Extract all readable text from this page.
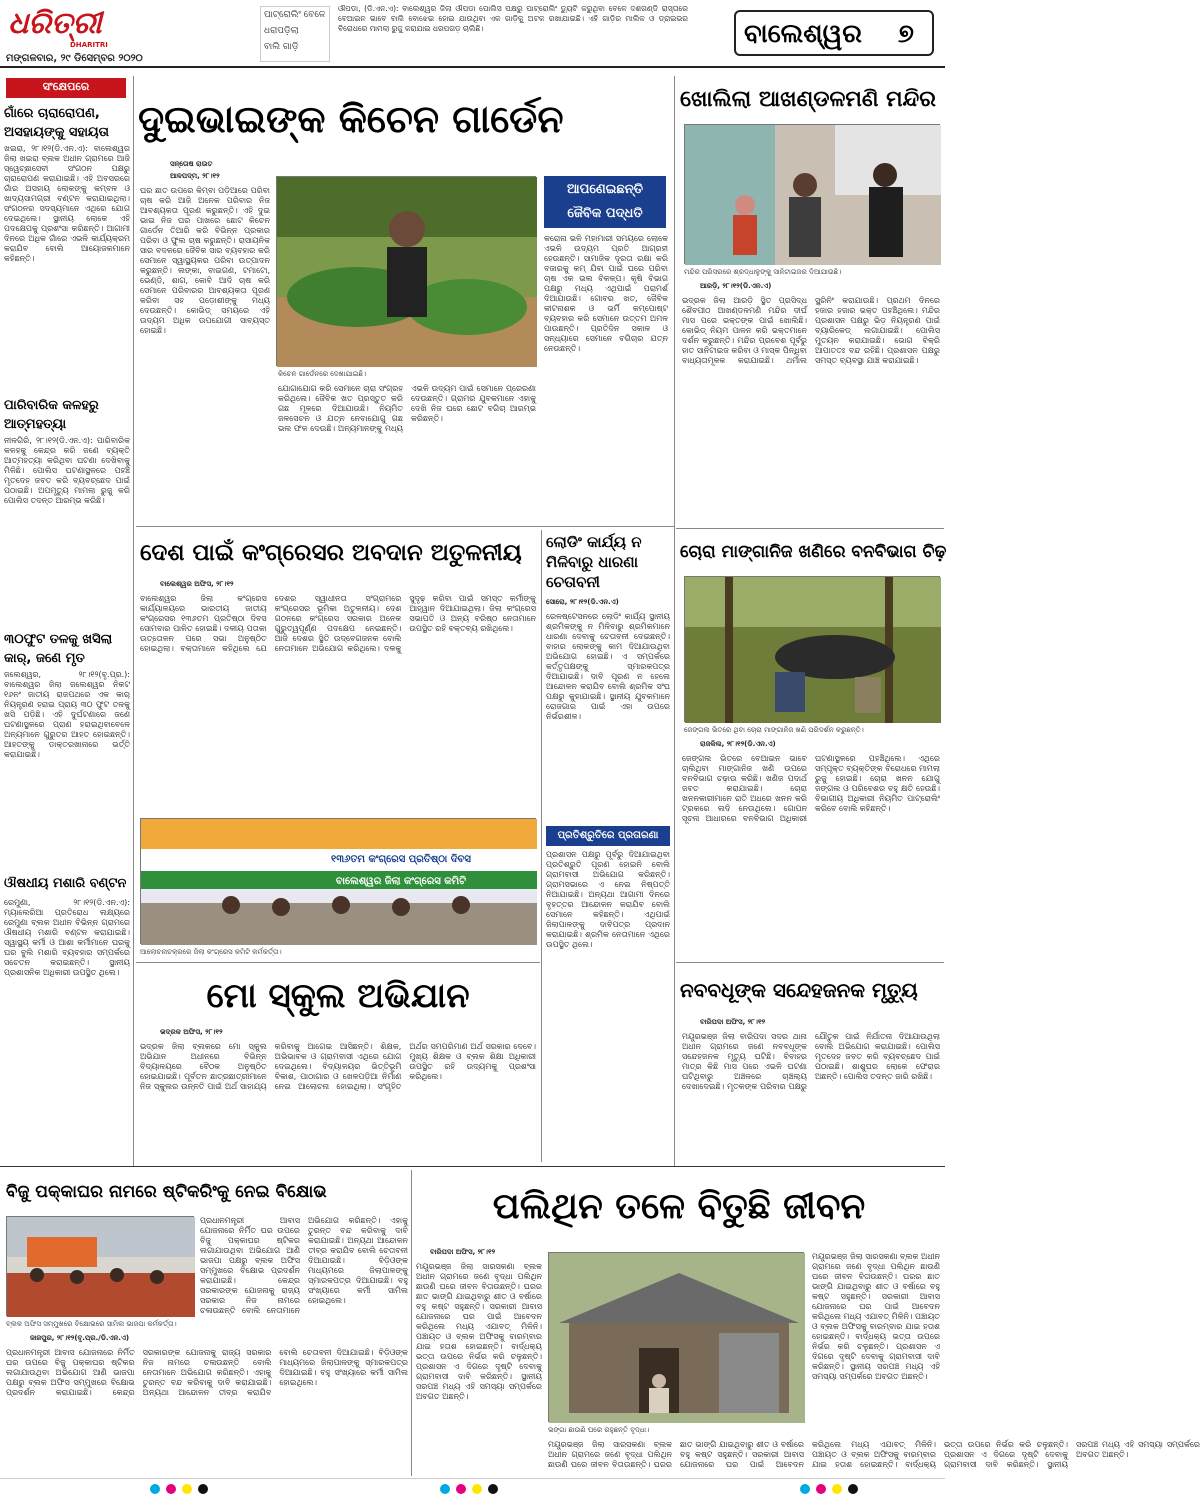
ଧରିତ୍ରୀ
DHARITRI
ମଙ୍ଗଳବାର, ୨୯ ଡିସେମ୍ବର ୨୦୨୦
ପାଟ୍ରୋଲିଂ ବେଳେ
ଧରାପଡ଼ିଲା
ବାଲି ଗାଡ଼ି
ଔପଡା, (ଡି.ଏନ.ଏ): ବାଲେଶ୍ୱର ଜିଲା ଔପଡା ପୋଲିସ ପକ୍ଷରୁ ପାଟ୍ରୋଲିଂ ଡ୍ୟୁଟି କରୁଥିବା ବେଳେ ଦଶଗଣ୍ଡି ରାସ୍ତାରେ ବେଆଇନ ଭାବେ ବାଲି ବୋଝେଇ ହୋଇ ଯାଉଥିବା ଏକ ଗାଡ଼ିକୁ ଅଟକ ରଖାଯାଇଛି। ଏହି ଗାଡ଼ିର ମାଲିକ ଓ ଡ୍ରାଇଭର ବିରୋଧରେ ମାମଲା ରୁଜୁ କରାଯାଇ ଧରପଗଡ଼ ଚାଲିଛି।	ବାଲେଶ୍ୱର	୭
ସଂକ୍ଷେପରେ
ଗାଁରେ ଚାରାରୋପଣ, ଅସହାୟଙ୍କୁ ସହାୟତା
ଖଇରା, ୨୮।୧୨(ଡି.ଏନ.ଏ): ବାଲେଶ୍ୱର ଜିଲା ଖଇରା ବ୍ଲକ ଅଧୀନ ଗ୍ରାମରେ ଆଜି ସ୍ୱେଚ୍ଛାସେବୀ ସଂଗଠନ ପକ୍ଷରୁ ଚାରାରୋପଣ କରାଯାଇଛି। ଏହି ଅବସରରେ ଗାଁର ଅସହାୟ ଲୋକଙ୍କୁ କମ୍ବଳ ଓ ଖାଦ୍ୟସାମଗ୍ରୀ ବଣ୍ଟନ କରାଯାଇଥିଲା। ସଂଗଠନର ସଦସ୍ୟମାନେ ଏଥିରେ ଯୋଗ ଦେଇଥିଲେ। ସ୍ଥାନୀୟ ଲୋକେ ଏହି ପଦକ୍ଷେପକୁ ପ୍ରଶଂସା କରିଛନ୍ତି। ଆଗାମୀ ଦିନରେ ଅଧିକ ଗାଁରେ ଏଭଳି କାର୍ଯ୍ୟକ୍ରମ କରାଯିବ ବୋଲି ଆୟୋଜକମାନେ କହିଛନ୍ତି।
ପାରିବାରିକ କଳହରୁ ଆତ୍ମହତ୍ୟା
ନୀଳଗିରି, ୨୮।୧୨(ଡି.ଏନ.ଏ): ପାରିବାରିକ କଳହକୁ କେନ୍ଦ୍ର କରି ଜଣେ ବ୍ୟକ୍ତି ଆତ୍ମହତ୍ୟା କରିଥିବା ଘଟଣା ଦେଖିବାକୁ ମିଳିଛି। ପୋଲିସ ଘଟଣାସ୍ଥଳରେ ପହଞ୍ଚି ମୃତଦେହ ଜବତ କରି ବ୍ୟବଚ୍ଛେଦ ପାଇଁ ପଠାଇଛି। ଅପମୃତ୍ୟୁ ମାମଲା ରୁଜୁ କରି ପୋଲିସ ତଦନ୍ତ ଆରମ୍ଭ କରିଛି।
୩୦ଫୁଟ ତଳକୁ ଖସିଲା କାର୍, ଜଣେ ମୃତ
ଜଲେଶ୍ୱର, ୨୮।୧୨(ବୃ.ପ୍ର.): ବାଲେଶ୍ୱର ଜିଲା ଜଲେଶ୍ୱର ନିକଟ ୧୬ନଂ ଜାତୀୟ ରାଜପଥରେ ଏକ କାର୍ ନିୟନ୍ତ୍ରଣ ହରାଇ ପ୍ରାୟ ୩୦ ଫୁଟ ତଳକୁ ଖସି ପଡ଼ିଛି। ଏହି ଦୁର୍ଘଟଣାରେ ଜଣେ ଘଟଣାସ୍ଥଳରେ ପ୍ରାଣ ହରାଇଥିବାବେଳେ ଅନ୍ୟମାନେ ଗୁରୁତର ଆହତ ହୋଇଛନ୍ତି। ଆହତଙ୍କୁ ଡାକ୍ତରଖାନାରେ ଭର୍ତ୍ତି କରାଯାଇଛି।
ଔଷଧୀୟ ମଶାରି ବଣ୍ଟନ
ରେମୁଣା, ୨୮।୧୨(ଡି.ଏନ.ଏ): ମ୍ୟାଲେରିଆ ପ୍ରତିରୋଧ ଲକ୍ଷ୍ୟରେ ରେମୁଣା ବ୍ଲକ ଅଧୀନ ବିଭିନ୍ନ ଗ୍ରାମରେ ଔଷଧୀୟ ମଶାରି ବଣ୍ଟନ କରାଯାଇଛି। ସ୍ୱାସ୍ଥ୍ୟ କର୍ମୀ ଓ ଆଶା କର୍ମୀମାନେ ଘରକୁ ଘର ବୁଲି ମଶାରି ବ୍ୟବହାର ସମ୍ପର୍କରେ ସଚେତନ କରାଇଛନ୍ତି। ସ୍ଥାନୀୟ ପ୍ରଶାସନିକ ଅଧିକାରୀ ଉପସ୍ଥିତ ଥିଲେ।
ଦୁଇଭାଇଙ୍କ କିଚେନ ଗାର୍ଡେନ
ସନ୍ତୋଷ ରାଉତ
ଆଳପଦ୍ମ, ୨୮।୧୨
ଘର ଛାତ ଉପରେ କିମ୍ବା ପଡ଼ିଆରେ ପରିବା ଚାଷ କରି ଆଜି ଅନେକ ପରିବାର ନିଜ ଆବଶ୍ୟକତା ପୂରଣ କରୁଛନ୍ତି। ଏହି ଦୁଇ ଭାଇ ନିଜ ଘର ପାଖରେ ଛୋଟ କିଚେନ ଗାର୍ଡେନ ତିଆରି କରି ବିଭିନ୍ନ ପ୍ରକାର ପରିବା ଓ ଫୁଲ ଚାଷ କରୁଛନ୍ତି। ରାସାୟନିକ ସାର ବଦଳରେ ଜୈବିକ ସାର ବ୍ୟବହାର କରି ସେମାନେ ସ୍ୱାସ୍ଥ୍ୟକର ପରିବା ଉତ୍ପାଦନ କରୁଛନ୍ତି। ଲଙ୍କା, ବାଇଗଣ, ଟମାଟୋ, ଭେଣ୍ଡି, ଶାଗ, କୋବି ଆଦି ଚାଷ କରି ସେମାନେ ପରିବାରର ଆବଶ୍ୟକତା ପୂରଣ କରିବା ସହ ପଡ଼ୋଶୀଙ୍କୁ ମଧ୍ୟ ଦେଉଛନ୍ତି। କୋଭିଡ୍ ସମୟରେ ଏହି ଉଦ୍ୟମ ଅଧିକ ଉପଯୋଗୀ ସାବ୍ୟସ୍ତ ହୋଇଛି।
କିଚେନ ଗାର୍ଡେନରେ ଦେଖାଯାଇଛି।
ଯୋଗାଯୋଗ କରି ସେମାନେ ଚାରା ସଂଗ୍ରହ କରିଥିଲେ। ଜୈବିକ ଖତ ପ୍ରସ୍ତୁତ କରି ଗଛ ମୂଳରେ ଦିଆଯାଉଛି। ନିୟମିତ ଜଳସେଚନ ଓ ଯତ୍ନ ନେବାଯୋଗୁ ଗଛ ଭଲ ଫଳ ଦେଉଛି। ଅନ୍ୟମାନଙ୍କୁ ମଧ୍ୟ ଏଭଳି ଉଦ୍ୟମ ପାଇଁ ସେମାନେ ପ୍ରେରଣା ଦେଉଛନ୍ତି। ଗ୍ରାମର ଯୁବକମାନେ ଏହାକୁ ଦେଖି ନିଜ ଘରେ ଛୋଟ ବଗିଚା ଆରମ୍ଭ କରିଛନ୍ତି।
ଆପଣେଇଛନ୍ତି ଜୈବିକ ପଦ୍ଧତି
କରୋନା ଭଳି ମହାମାରୀ ସମୟରେ ଲୋକେ ଏଭଳି ଉଦ୍ୟମ ପ୍ରତି ଆଗ୍ରହୀ ହେଉଛନ୍ତି। ସାମାଜିକ ଦୂରତା ରକ୍ଷା କରି ବଜାରକୁ କମ୍ ଯିବା ପାଇଁ ଘରେ ପରିବା ଚାଷ ଏକ ଭଲ ବିକଳ୍ପ। କୃଷି ବିଭାଗ ପକ୍ଷରୁ ମଧ୍ୟ ଏଥିପାଇଁ ପରାମର୍ଶ ଦିଆଯାଉଛି। ଗୋବର ଖତ, ଜୈବିକ କୀଟନାଶକ ଓ ଭର୍ମି କମ୍ପୋଷ୍ଟ ବ୍ୟବହାର କରି ସେମାନେ ଉତ୍ତମ ଅମଳ ପାଉଛନ୍ତି। ପ୍ରତିଦିନ ସକାଳ ଓ ସନ୍ଧ୍ୟାରେ ସେମାନେ ବଗିଚାର ଯତ୍ନ ନେଉଛନ୍ତି।
ଖୋଲିଲା ଆଖଣ୍ଡଳମଣି ମନ୍ଦିର
ମନ୍ଦିର ପରିସରରେ ଶ୍ରଦ୍ଧାଳୁଙ୍କୁ ସାନିଟାଇଜର ଦିଆଯାଉଛି।
ଆରଡ଼ି, ୨୮।୧୨(ଡି.ଏନ.ଏ)
ଭଦ୍ରକ ଜିଲା ଆରଡ଼ି ସ୍ଥିତ ପ୍ରସିଦ୍ଧ ଶୈବପୀଠ ଆଖଣ୍ଡଳମଣି ମନ୍ଦିର ଦୀର୍ଘ ମାସ ପରେ ଭକ୍ତଙ୍କ ପାଇଁ ଖୋଲିଛି। କୋଭିଡ୍ ନିୟମ ପାଳନ କରି ଭକ୍ତମାନେ ଦର୍ଶନ କରୁଛନ୍ତି। ମନ୍ଦିର ପ୍ରବେଶ ପୂର୍ବରୁ ହାତ ସାନିଟାଇଜ କରିବା ଓ ମାସ୍କ ପିନ୍ଧିବା ବାଧ୍ୟତାମୂଳକ କରାଯାଇଛି। ଥର୍ମାଲ ସ୍କ୍ରିନିଂ କରାଯାଉଛି। ପ୍ରଥମ ଦିନରେ ହଜାର ହଜାର ଭକ୍ତ ପହଞ୍ଚିଥିଲେ। ମନ୍ଦିର ପ୍ରଶାସନ ପକ୍ଷରୁ ଭିଡ଼ ନିୟନ୍ତ୍ରଣ ପାଇଁ ବ୍ୟାରିକେଡ୍ ଲଗାଯାଇଛି। ପୋଲିସ ମୁତୟନ କରାଯାଇଛି। ଭୋଗ ବିକ୍ରି ଆପାତତଃ ବନ୍ଦ ରହିଛି। ପ୍ରଶାସନ ପକ୍ଷରୁ ସମସ୍ତ ବ୍ୟବସ୍ଥା ଯାଞ୍ଚ କରାଯାଇଛି।
ଦେଶ ପାଇଁ କଂଗ୍ରେସର ଅବଦାନ ଅତୁଳନୀୟ
ବାଲେଶ୍ୱର ଅଫିସ, ୨୮।୧୨
ବାଲେଶ୍ୱର ଜିଲା କଂଗ୍ରେସ କାର୍ଯ୍ୟାଳୟରେ ଭାରତୀୟ ଜାତୀୟ କଂଗ୍ରେସର ୧୩୬ତମ ପ୍ରତିଷ୍ଠା ଦିବସ ସୋମବାର ପାଳିତ ହୋଇଛି। ଦଳୀୟ ପତାକା ଉତ୍ତୋଳନ ପରେ ସଭା ଅନୁଷ୍ଠିତ ହୋଇଥିଲା। ବକ୍ତାମାନେ କହିଥିଲେ ଯେ ଦେଶର ସ୍ୱାଧୀନତା ସଂଗ୍ରାମରେ କଂଗ୍ରେସର ଭୂମିକା ଅତୁଳନୀୟ। ଦେଶ ଗଠନରେ କଂଗ୍ରେସ ସରକାର ଅନେକ ଗୁରୁତ୍ୱପୂର୍ଣ୍ଣ ପଦକ୍ଷେପ ନେଇଛନ୍ତି। ଆଜି ଦେଶର ସ୍ଥିତି ଉଦ୍‌ବେଗଜନକ ବୋଲି ନେତାମାନେ ଅଭିଯୋଗ କରିଥିଲେ। ଦଳକୁ ସୁଦୃଢ଼ କରିବା ପାଇଁ ସମସ୍ତ କର୍ମୀଙ୍କୁ ଆହ୍ୱାନ ଦିଆଯାଇଥିଲା। ଜିଲା କଂଗ୍ରେସ ସଭାପତି ଓ ଅନ୍ୟ ବରିଷ୍ଠ ନେତାମାନେ ଉପସ୍ଥିତ ରହି ବକ୍ତବ୍ୟ ରଖିଥିଲେ।
୧୩୬ତମ କଂଗ୍ରେସ ପ୍ରତିଷ୍ଠା ଦିବସ
ବାଲେଶ୍ୱର ଜିଲା କଂଗ୍ରେସ କମିଟି
ଆଲୋଚନାଚକ୍ରରେ ଜିଲା କଂଗ୍ରେସ କମିଟି କର୍ମକର୍ତ୍ତା।
ଲୋଡିଂ କାର୍ଯ୍ୟ ନ ମିଳିବାରୁ ଧାରଣା ଚେତାବନୀ
ସୋରୋ, ୨୮।୧୨(ଡି.ଏନ.ଏ)
ରେଳଷ୍ଟେସନରେ ଲୋଡିଂ କାର୍ଯ୍ୟ ସ୍ଥାନୀୟ ଶ୍ରମିକଙ୍କୁ ନ ମିଳିବାରୁ ଶ୍ରମିକମାନେ ଧାରଣା ଦେବାକୁ ଚେତାବନୀ ଦେଇଛନ୍ତି। ବାହାର ଲୋକଙ୍କୁ କାମ ଦିଆଯାଉଥିବା ଅଭିଯୋଗ ହୋଇଛି। ଏ ସମ୍ପର୍କରେ କର୍ତ୍ତୃପକ୍ଷଙ୍କୁ ସ୍ମାରକପତ୍ର ଦିଆଯାଇଛି। ଦାବି ପୂରଣ ନ ହେଲେ ଆନ୍ଦୋଳନ କରାଯିବ ବୋଲି ଶ୍ରମିକ ସଂଘ ପକ୍ଷରୁ କୁହାଯାଇଛି। ସ୍ଥାନୀୟ ଯୁବକମାନେ ରୋଜଗାର ପାଇଁ ଏହା ଉପରେ ନିର୍ଭରଶୀଳ।
ପ୍ରତିଶ୍ରୁତିରେ ପ୍ରତାରଣା
ପ୍ରଶାସନ ପକ୍ଷରୁ ପୂର୍ବରୁ ଦିଆଯାଇଥିବା ପ୍ରତିଶ୍ରୁତି ପୂରଣ ହୋଇନି ବୋଲି ଗ୍ରାମବାସୀ ଅଭିଯୋଗ କରିଛନ୍ତି। ଗ୍ରାମସଭାରେ ଏ ନେଇ ନିଷ୍ପତ୍ତି ନିଆଯାଇଛି। ଅନ୍ୟଥା ଆଗାମୀ ଦିନରେ ବୃହତ୍ତର ଆନ୍ଦୋଳନ କରାଯିବ ବୋଲି ସେମାନେ କହିଛନ୍ତି। ଏଥିପାଇଁ ଜିଲାପାଳଙ୍କୁ ଦାବିପତ୍ର ପ୍ରଦାନ କରାଯାଇଛି। ଶ୍ରମିକ ନେତାମାନେ ଏଥିରେ ଉପସ୍ଥିତ ଥିଲେ।
ଚୋରା ମାଙ୍ଗାନିଜ ଖଣିରେ ବନବିଭାଗ ଚିଢ଼
ଜେଙ୍ଗଲ ଭିତରେ ଥିବା ଚୋରା ମାଙ୍ଗାନିଜ ଖଣି ପରିଦର୍ଶନ କରୁଛନ୍ତି।
ରାଜକିଲ, ୨୮।୧୨(ଡି.ଏନ.ଏ)
ଜେଙ୍ଗଲ ଭିତରେ ବେଆଇନ ଭାବେ ଚାଲିଥିବା ମାଙ୍ଗାନିଜ ଖଣି ଉପରେ ବନବିଭାଗ ଚଢ଼ାଉ କରିଛି। ଖଣିଜ ପଦାର୍ଥ ଜବତ କରାଯାଇଛି। ଚୋରା ଖନନକାରୀମାନେ ରାତି ଅଧରେ ଖନନ କରି ଟ୍ରକରେ ଲଦି ନେଉଥିଲେ। ଗୋପନ ସୂଚନା ଆଧାରରେ ବନବିଭାଗ ଅଧିକାରୀ ଘଟଣାସ୍ଥଳରେ ପହଞ୍ଚିଥିଲେ। ଏଥିରେ ସମ୍ପୃକ୍ତ ବ୍ୟକ୍ତିଙ୍କ ବିରୋଧରେ ମାମଲା ରୁଜୁ ହୋଇଛି। ଚୋରା ଖନନ ଯୋଗୁ ଜଙ୍ଗଲ ଓ ପରିବେଶର ବହୁ କ୍ଷତି ହେଉଛି। ବିଭାଗୀୟ ଅଧିକାରୀ ନିୟମିତ ପାଟ୍ରୋଲିଂ କରିବେ ବୋଲି କହିଛନ୍ତି।
ମୋ ସ୍କୁଲ ଅଭିଯାନ
ଭଦ୍ରକ ଅଫିସ, ୨୮।୧୨
ଭଦ୍ରକ ଜିଲା ବ୍ଲକରେ ମୋ ସ୍କୁଲ ଅଭିଯାନ ଅଧୀନରେ ବିଭିନ୍ନ ବିଦ୍ୟାଳୟରେ ବୈଠକ ଅନୁଷ୍ଠିତ ହୋଇଯାଇଛି। ପୂର୍ବତନ ଛାତ୍ରଛାତ୍ରୀମାନେ ନିଜ ସ୍କୁଲର ଉନ୍ନତି ପାଇଁ ଅର୍ଥ ସାହାଯ୍ୟ କରିବାକୁ ଆଗେଇ ଆସିଛନ୍ତି। ଶିକ୍ଷକ, ଅଭିଭାବକ ଓ ଗ୍ରାମବାସୀ ଏଥିରେ ଯୋଗ ଦେଇଥିଲେ। ବିଦ୍ୟାଳୟର ଭିତ୍ତିଭୂମି ବିକାଶ, ପାଠାଗାର ଓ ଖେଳପଡ଼ିଆ ନିର୍ମାଣ ନେଇ ଆଲୋଚନା ହୋଇଥିଲା। ସଂଗୃହିତ ଅର୍ଥର ସମପରିମାଣ ଅର୍ଥ ସରକାର ଦେବେ। ମୁଖ୍ୟ ଶିକ୍ଷକ ଓ ବ୍ଲକ ଶିକ୍ଷା ଅଧିକାରୀ ଉପସ୍ଥିତ ରହି ଉଦ୍ୟମକୁ ପ୍ରଶଂସା କରିଥିଲେ।
ନବବଧୂଙ୍କ ସନ୍ଦେହଜନକ ମୃତ୍ୟୁ
ବାରିପଦା ଅଫିସ, ୨୮।୧୨
ମୟୂରଭଞ୍ଜ ଜିଲା ବାରିପଦା ସଦର ଥାନା ଅଧୀନ ଗ୍ରାମରେ ଜଣେ ନବବଧୂଙ୍କ ସନ୍ଦେହଜନକ ମୃତ୍ୟୁ ଘଟିଛି। ବିବାହର ମାତ୍ର କିଛି ମାସ ପରେ ଏଭଳି ଘଟଣା ଘଟିଥିବାରୁ ଅଞ୍ଚଳରେ ଚାଞ୍ଚଲ୍ୟ ଦେଖାଦେଇଛି। ମୃତକଙ୍କ ପରିବାର ପକ୍ଷରୁ ଯୌତୁକ ପାଇଁ ନିର୍ଯାତନା ଦିଆଯାଉଥିଲା ବୋଲି ଅଭିଯୋଗ କରାଯାଇଛି। ପୋଲିସ ମୃତଦେହ ଜବତ କରି ବ୍ୟବଚ୍ଛେଦ ପାଇଁ ପଠାଇଛି। ଶାଶୁଘର ଲୋକେ ଫେରାର ଅଛନ୍ତି। ପୋଲିସ ତଦନ୍ତ ଜାରି ରଖିଛି।
ବିଜୁ ପକ୍କାଘର ନାମରେ ଷ୍ଟିକରିଂକୁ ନେଇ ବିକ୍ଷୋଭ
ବ୍ଲକ ଅଫିସ ସମ୍ମୁଖରେ ବିକ୍ଷୋଭରେ ସାମିଲ ଭାଜପା କର୍ମକର୍ତ୍ତା।
ଜାଜପୁର, ୨୮।୧୨(ବୃ.ପ୍ର./ଡି.ଏନ.ଏ)
ପ୍ରଧାନମନ୍ତ୍ରୀ ଆବାସ ଯୋଜନାରେ ନିର୍ମିତ ଘର ଉପରେ ବିଜୁ ପକ୍କାଘର ଷ୍ଟିକର ଲଗାଯାଉଥିବା ଅଭିଯୋଗ ଆଣି ଭାଜପା ପକ୍ଷରୁ ବ୍ଲକ ଅଫିସ ସମ୍ମୁଖରେ ବିକ୍ଷୋଭ ପ୍ରଦର୍ଶନ କରାଯାଇଛି। କେନ୍ଦ୍ର ସରକାରଙ୍କ ଯୋଜନାକୁ ରାଜ୍ୟ ସରକାର ନିଜ ନାମରେ ଚଳାଉଛନ୍ତି ବୋଲି ନେତାମାନେ ଅଭିଯୋଗ କରିଛନ୍ତି। ଏହାକୁ ତୁରନ୍ତ ବନ୍ଦ କରିବାକୁ ଦାବି କରାଯାଇଛି। ଅନ୍ୟଥା ଆନ୍ଦୋଳନ ତୀବ୍ର କରାଯିବ ବୋଲି ଚେତାବନୀ ଦିଆଯାଇଛି। ବିଡ଼ିଓଙ୍କ ମାଧ୍ୟମରେ ଜିଲାପାଳଙ୍କୁ ସ୍ମାରକପତ୍ର ଦିଆଯାଇଛି। ବହୁ ସଂଖ୍ୟାରେ କର୍ମୀ ସାମିଲ ହୋଇଥିଲେ।
ପ୍ରଧାନମନ୍ତ୍ରୀ ଆବାସ ଯୋଜନାରେ ନିର୍ମିତ ଘର ଉପରେ ବିଜୁ ପକ୍କାଘର ଷ୍ଟିକର ଲଗାଯାଉଥିବା ଅଭିଯୋଗ ଆଣି ଭାଜପା ପକ୍ଷରୁ ବ୍ଲକ ଅଫିସ ସମ୍ମୁଖରେ ବିକ୍ଷୋଭ ପ୍ରଦର୍ଶନ କରାଯାଇଛି। କେନ୍ଦ୍ର ସରକାରଙ୍କ ଯୋଜନାକୁ ରାଜ୍ୟ ସରକାର ନିଜ ନାମରେ ଚଳାଉଛନ୍ତି ବୋଲି ନେତାମାନେ ଅଭିଯୋଗ କରିଛନ୍ତି। ଏହାକୁ ତୁରନ୍ତ ବନ୍ଦ କରିବାକୁ ଦାବି କରାଯାଇଛି। ଅନ୍ୟଥା ଆନ୍ଦୋଳନ ତୀବ୍ର କରାଯିବ ବୋଲି ଚେତାବନୀ ଦିଆଯାଇଛି। ବିଡ଼ିଓଙ୍କ ମାଧ୍ୟମରେ ଜିଲାପାଳଙ୍କୁ ସ୍ମାରକପତ୍ର ଦିଆଯାଇଛି। ବହୁ ସଂଖ୍ୟାରେ କର୍ମୀ ସାମିଲ ହୋଇଥିଲେ।
ପଲିଥିନ ତଳେ ବିତୁଛି ଜୀବନ
ବାରିପଦା ଅଫିସ, ୨୮।୧୨
ମୟୂରଭଞ୍ଜ ଜିଲା ସାରସକଣା ବ୍ଲକ ଅଧୀନ ଗ୍ରାମରେ ଜଣେ ବୃଦ୍ଧା ପଲିଥିନ ଛାଉଣି ଘରେ ଜୀବନ ବିତାଉଛନ୍ତି। ଘରର ଛାତ ଭାଙ୍ଗି ଯାଇଥିବାରୁ ଶୀତ ଓ ବର୍ଷାରେ ବହୁ କଷ୍ଟ ସହୁଛନ୍ତି। ସରକାରୀ ଆବାସ ଯୋଜନାରେ ଘର ପାଇଁ ଆବେଦନ କରିଥିଲେ ମଧ୍ୟ ଏଯାବତ୍ ମିଳିନି। ପଞ୍ଚାୟତ ଓ ବ୍ଲକ ଅଫିସକୁ ବାରମ୍ବାର ଯାଇ ହତାଶ ହୋଇଛନ୍ତି। ବାର୍ଦ୍ଧକ୍ୟ ଭତ୍ତା ଉପରେ ନିର୍ଭର କରି ଚଳୁଛନ୍ତି। ପ୍ରଶାସନ ଏ ଦିଗରେ ଦୃଷ୍ଟି ଦେବାକୁ ଗ୍ରାମବାସୀ ଦାବି କରିଛନ୍ତି। ସ୍ଥାନୀୟ ସରପଞ୍ଚ ମଧ୍ୟ ଏହି ସମସ୍ୟା ସମ୍ପର୍କରେ ଅବଗତ ଅଛନ୍ତି।
ଭଙ୍ଗା ଛାଉଣି ଘରେ ରହୁଛନ୍ତି ବୃଦ୍ଧା।
ମୟୂରଭଞ୍ଜ ଜିଲା ସାରସକଣା ବ୍ଲକ ଅଧୀନ ଗ୍ରାମରେ ଜଣେ ବୃଦ୍ଧା ପଲିଥିନ ଛାଉଣି ଘରେ ଜୀବନ ବିତାଉଛନ୍ତି। ଘରର ଛାତ ଭାଙ୍ଗି ଯାଇଥିବାରୁ ଶୀତ ଓ ବର୍ଷାରେ ବହୁ କଷ୍ଟ ସହୁଛନ୍ତି। ସରକାରୀ ଆବାସ ଯୋଜନାରେ ଘର ପାଇଁ ଆବେଦନ କରିଥିଲେ ମଧ୍ୟ ଏଯାବତ୍ ମିଳିନି। ପଞ୍ଚାୟତ ଓ ବ୍ଲକ ଅଫିସକୁ ବାରମ୍ବାର ଯାଇ ହତାଶ ହୋଇଛନ୍ତି। ବାର୍ଦ୍ଧକ୍ୟ ଭତ୍ତା ଉପରେ ନିର୍ଭର କରି ଚଳୁଛନ୍ତି। ପ୍ରଶାସନ ଏ ଦିଗରେ ଦୃଷ୍ଟି ଦେବାକୁ ଗ୍ରାମବାସୀ ଦାବି କରିଛନ୍ତି। ସ୍ଥାନୀୟ ସରପଞ୍ଚ ମଧ୍ୟ ଏହି ସମସ୍ୟା ସମ୍ପର୍କରେ ଅବଗତ ଅଛନ୍ତି।
ମୟୂରଭଞ୍ଜ ଜିଲା ସାରସକଣା ବ୍ଲକ ଅଧୀନ ଗ୍ରାମରେ ଜଣେ ବୃଦ୍ଧା ପଲିଥିନ ଛାଉଣି ଘରେ ଜୀବନ ବିତାଉଛନ୍ତି। ଘରର ଛାତ ଭାଙ୍ଗି ଯାଇଥିବାରୁ ଶୀତ ଓ ବର୍ଷାରେ ବହୁ କଷ୍ଟ ସହୁଛନ୍ତି। ସରକାରୀ ଆବାସ ଯୋଜନାରେ ଘର ପାଇଁ ଆବେଦନ କରିଥିଲେ ମଧ୍ୟ ଏଯାବତ୍ ମିଳିନି। ପଞ୍ଚାୟତ ଓ ବ୍ଲକ ଅଫିସକୁ ବାରମ୍ବାର ଯାଇ ହତାଶ ହୋଇଛନ୍ତି। ବାର୍ଦ୍ଧକ୍ୟ ଭତ୍ତା ଉପରେ ନିର୍ଭର କରି ଚଳୁଛନ୍ତି। ପ୍ରଶାସନ ଏ ଦିଗରେ ଦୃଷ୍ଟି ଦେବାକୁ ଗ୍ରାମବାସୀ ଦାବି କରିଛନ୍ତି। ସ୍ଥାନୀୟ ସରପଞ୍ଚ ମଧ୍ୟ ଏହି ସମସ୍ୟା ସମ୍ପର୍କରେ ଅବଗତ ଅଛନ୍ତି।
